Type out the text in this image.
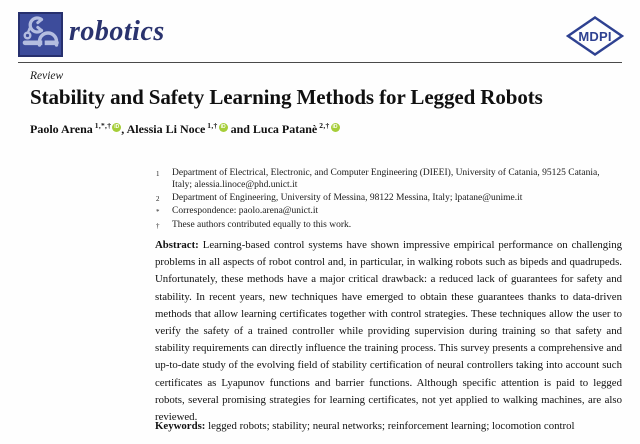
robotics	MDPI
Review
Stability and Safety Learning Methods for Legged Robots
Paolo Arena $^{1,*,\dagger}$ iD , Alessia Li Noce $^{1,\dagger}$ iD and Luca Patanè $^{2,\dagger}$ iD
1	Department of Electrical, Electronic, and Computer Engineering (DIEEI), University of Catania, 95125 Catania, Italy; alessia.linoce@phd.unict.it
2	Department of Engineering, University of Messina, 98122 Messina, Italy; lpatane@unime.it
*	Correspondence: paolo.arena@unict.it
†	These authors contributed equally to this work.

Abstract: Learning-based control systems have shown impressive empirical performance on challenging problems in all aspects of robot control and, in particular, in walking robots such as bipeds and quadrupeds. Unfortunately, these methods have a major critical drawback: a reduced lack of guarantees for safety and stability. In recent years, new techniques have emerged to obtain these guarantees thanks to data-driven methods that allow learning certificates together with control strategies. These techniques allow the user to verify the safety of a trained controller while providing supervision during training so that safety and stability requirements can directly influence the training process. This survey presents a comprehensive and up-to-date study of the evolving field of stability certification of neural controllers taking into account such certificates as Lyapunov functions and barrier functions. Although specific attention is paid to legged robots, several promising strategies for learning certificates, not yet applied to walking machines, are also reviewed.

Keywords: legged robots; stability; neural networks; reinforcement learning; locomotion control
